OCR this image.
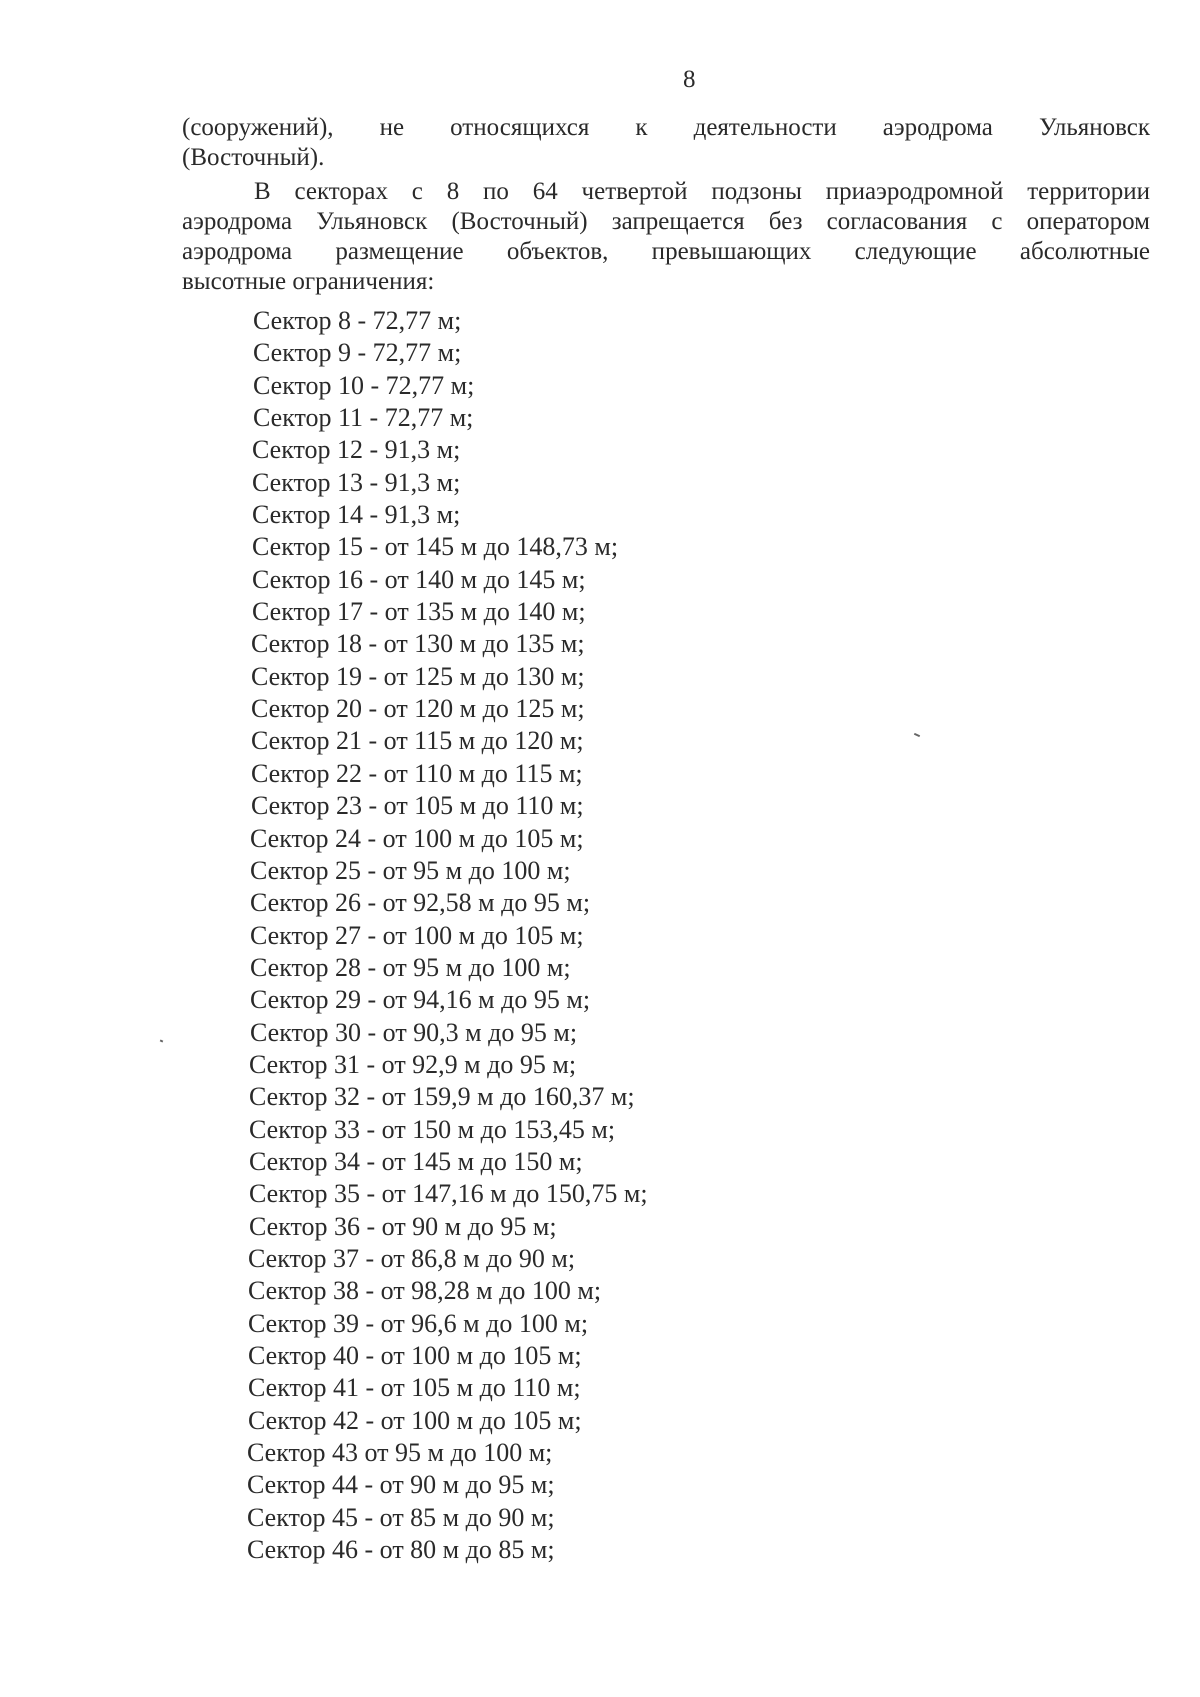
8
(сооружений), не относящихся к деятельности аэродрома Ульяновск
(Восточный).
В секторах с 8 по 64 четвертой подзоны приаэродромной территории
аэродрома Ульяновск (Восточный) запрещается без согласования с оператором
аэродрома размещение объектов, превышающих следующие абсолютные
высотные ограничения:
Сектор 8 - 72,77 м;
Сектор 9 - 72,77 м;
Сектор 10 - 72,77 м;
Сектор 11 - 72,77 м;
Сектор 12 - 91,3 м;
Сектор 13 - 91,3 м;
Сектор 14 - 91,3 м;
Сектор 15 - от 145 м до 148,73 м;
Сектор 16 - от 140 м до 145 м;
Сектор 17 - от 135 м до 140 м;
Сектор 18 - от 130 м до 135 м;
Сектор 19 - от 125 м до 130 м;
Сектор 20 - от 120 м до 125 м;
Сектор 21 - от 115 м до 120 м;
Сектор 22 - от 110 м до 115 м;
Сектор 23 - от 105 м до 110 м;
Сектор 24 - от 100 м до 105 м;
Сектор 25 - от 95 м до 100 м;
Сектор 26 - от 92,58 м до 95 м;
Сектор 27 - от 100 м до 105 м;
Сектор 28 - от 95 м до 100 м;
Сектор 29 - от 94,16 м до 95 м;
Сектор 30 - от 90,3 м до 95 м;
Сектор 31 - от 92,9 м до 95 м;
Сектор 32 - от 159,9 м до 160,37 м;
Сектор 33 - от 150 м до 153,45 м;
Сектор 34 - от 145 м до 150 м;
Сектор 35 - от 147,16 м до 150,75 м;
Сектор 36 - от 90 м до 95 м;
Сектор 37 - от 86,8 м до 90 м;
Сектор 38 - от 98,28 м до 100 м;
Сектор 39 - от 96,6 м до 100 м;
Сектор 40 - от 100 м до 105 м;
Сектор 41 - от 105 м до 110 м;
Сектор 42 - от 100 м до 105 м;
Сектор 43 от 95 м до 100 м;
Сектор 44 - от 90 м до 95 м;
Сектор 45 - от 85 м до 90 м;
Сектор 46 - от 80 м до 85 м;
